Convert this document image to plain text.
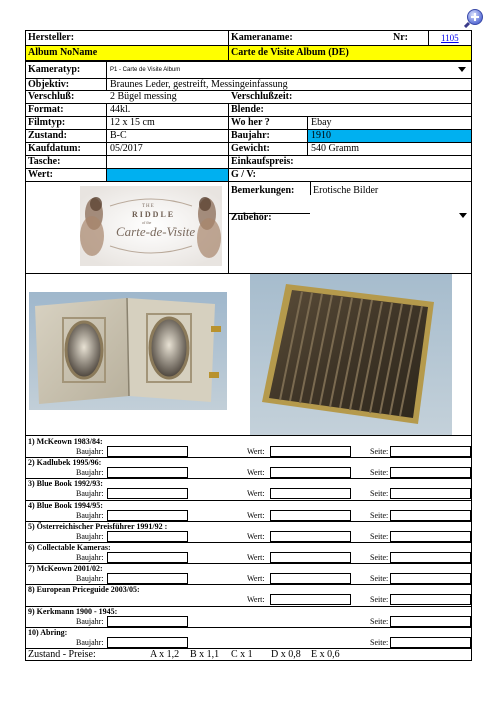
Hersteller:
Album NoName
Kameraname:
Carte de Visite Album (DE)
Nr:	1105
Kameratyp:	P1 - Carte de Visite Album
Objektiv:	Braunes Leder, gestreift, Messingeinfassung
Verschluß:	2 Bügel messing	Verschlußzeit:
Format:	44kl.	Blende:
Filmtyp:	12 x 15 cm	Wo her ?	Ebay
Zustand:	B-C	Baujahr:	1910
Kaufdatum:	05/2017	Gewicht:	540 Gramm
Tasche:	Einkaufspreis:
Wert:	G / V:
Bemerkungen: Erotische Bilder
Zubehör:
THE
RIDDLE
of the
Carte-de-Visite
1) McKeown 1983/84:
Baujahr:	Wert:	Seite:
2) Kadlubek 1995/96:
Baujahr:	Wert:	Seite:
3) Blue Book 1992/93:
Baujahr:	Wert:	Seite:
4) Blue Book 1994/95:
Baujahr:	Wert:	Seite:
5) Österreichischer Preisführer 1991/92 :
Baujahr:	Wert:	Seite:
6) Collectable Kameras:
Baujahr:	Wert:	Seite:
7) McKeown 2001/02:
Baujahr:	Wert:	Seite:
8) European Priceguide 2003/05:
Wert:	Seite:
9) Kerkmann 1900 - 1945:
Baujahr:	Seite:
10) Abring:
Baujahr:	Seite:
Zustand - Preise:	A x 1,2 B x 1,1 C x 1 D x 0,8 E x 0,6
